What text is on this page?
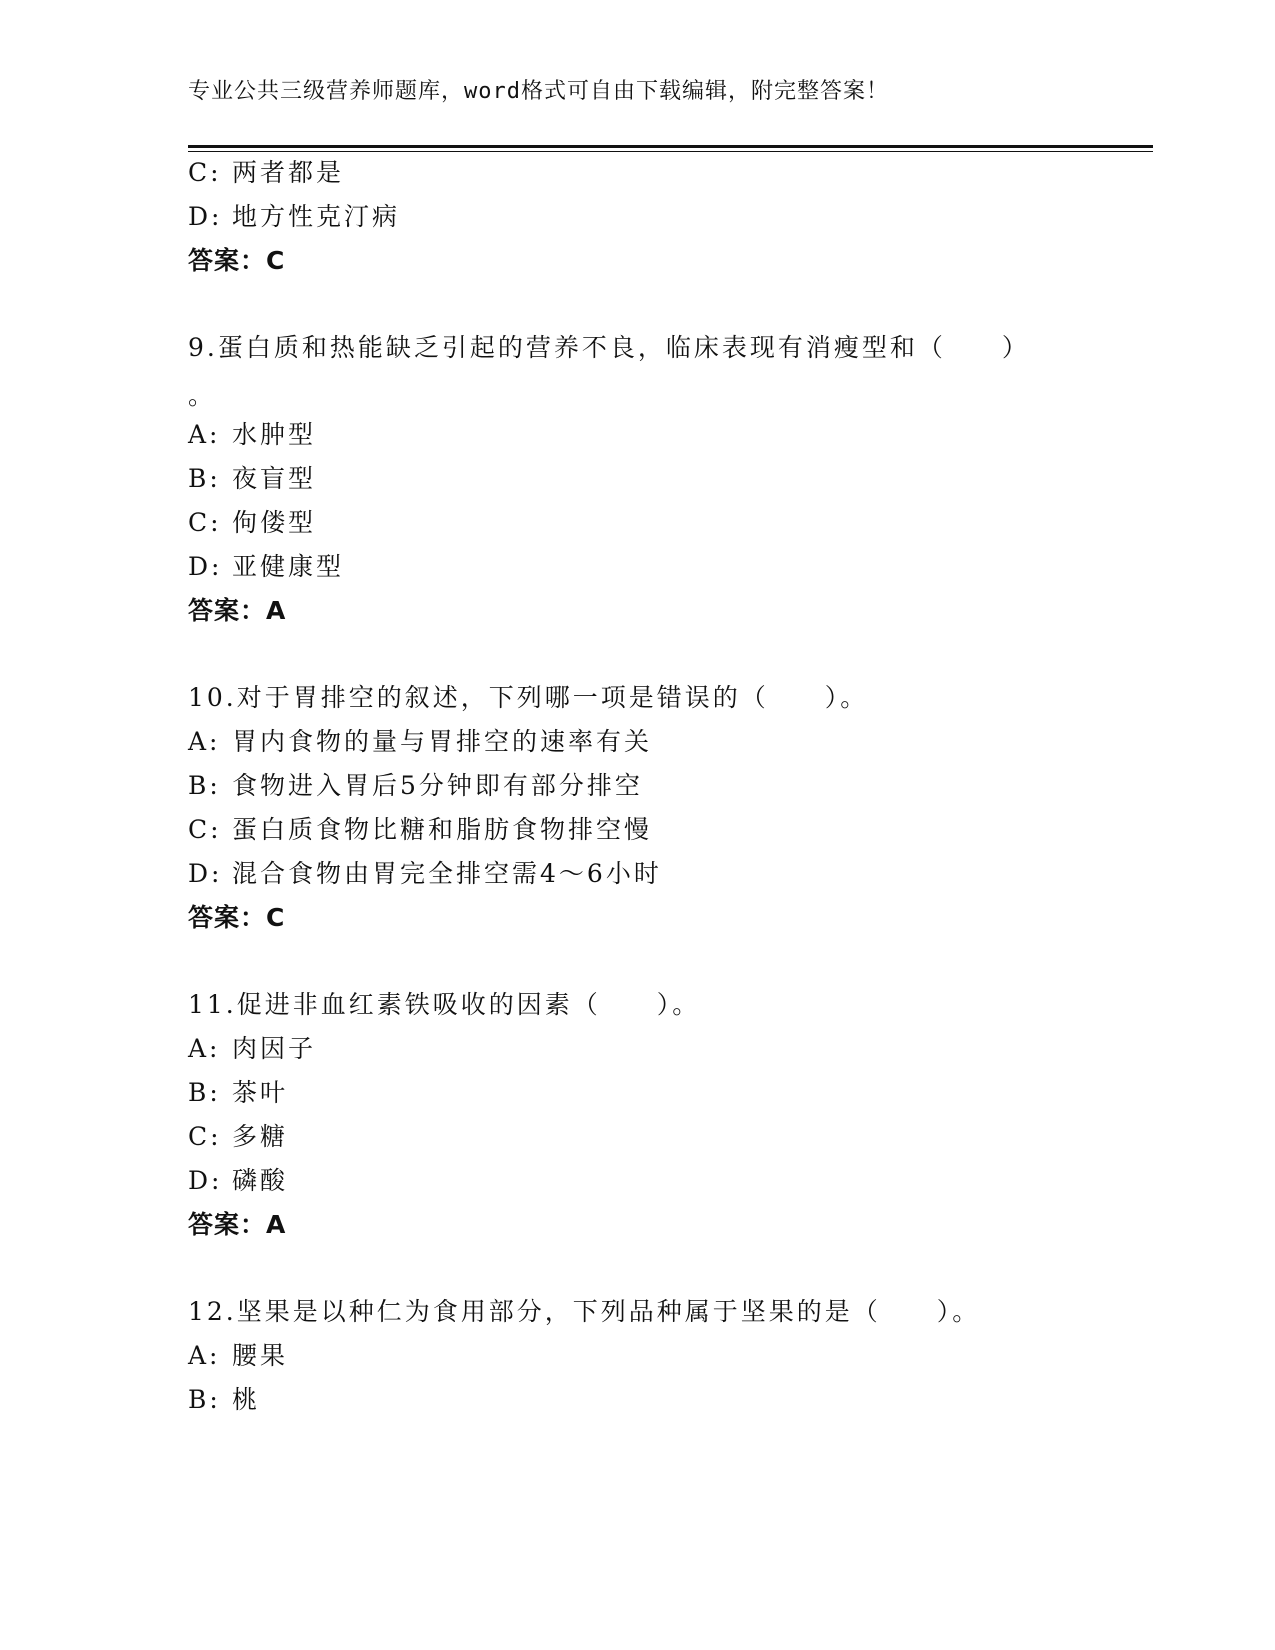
专业公共三级营养师题库，word格式可自由下载编辑，附完整答案！
C: 两者都是
D: 地方性克汀病
答案：C
9.蛋白质和热能缺乏引起的营养不良，临床表现有消瘦型和（　　）
。
A: 水肿型
B: 夜盲型
C: 佝偻型
D: 亚健康型
答案：A
10.对于胃排空的叙述，下列哪一项是错误的（　　）。
A: 胃内食物的量与胃排空的速率有关
B: 食物进入胃后5分钟即有部分排空
C: 蛋白质食物比糖和脂肪食物排空慢
D: 混合食物由胃完全排空需4～6小时
答案：C
11.促进非血红素铁吸收的因素（　　）。
A: 肉因子
B: 茶叶
C: 多糖
D: 磷酸
答案：A
12.坚果是以种仁为食用部分，下列品种属于坚果的是（　　）。
A: 腰果
B: 桃
